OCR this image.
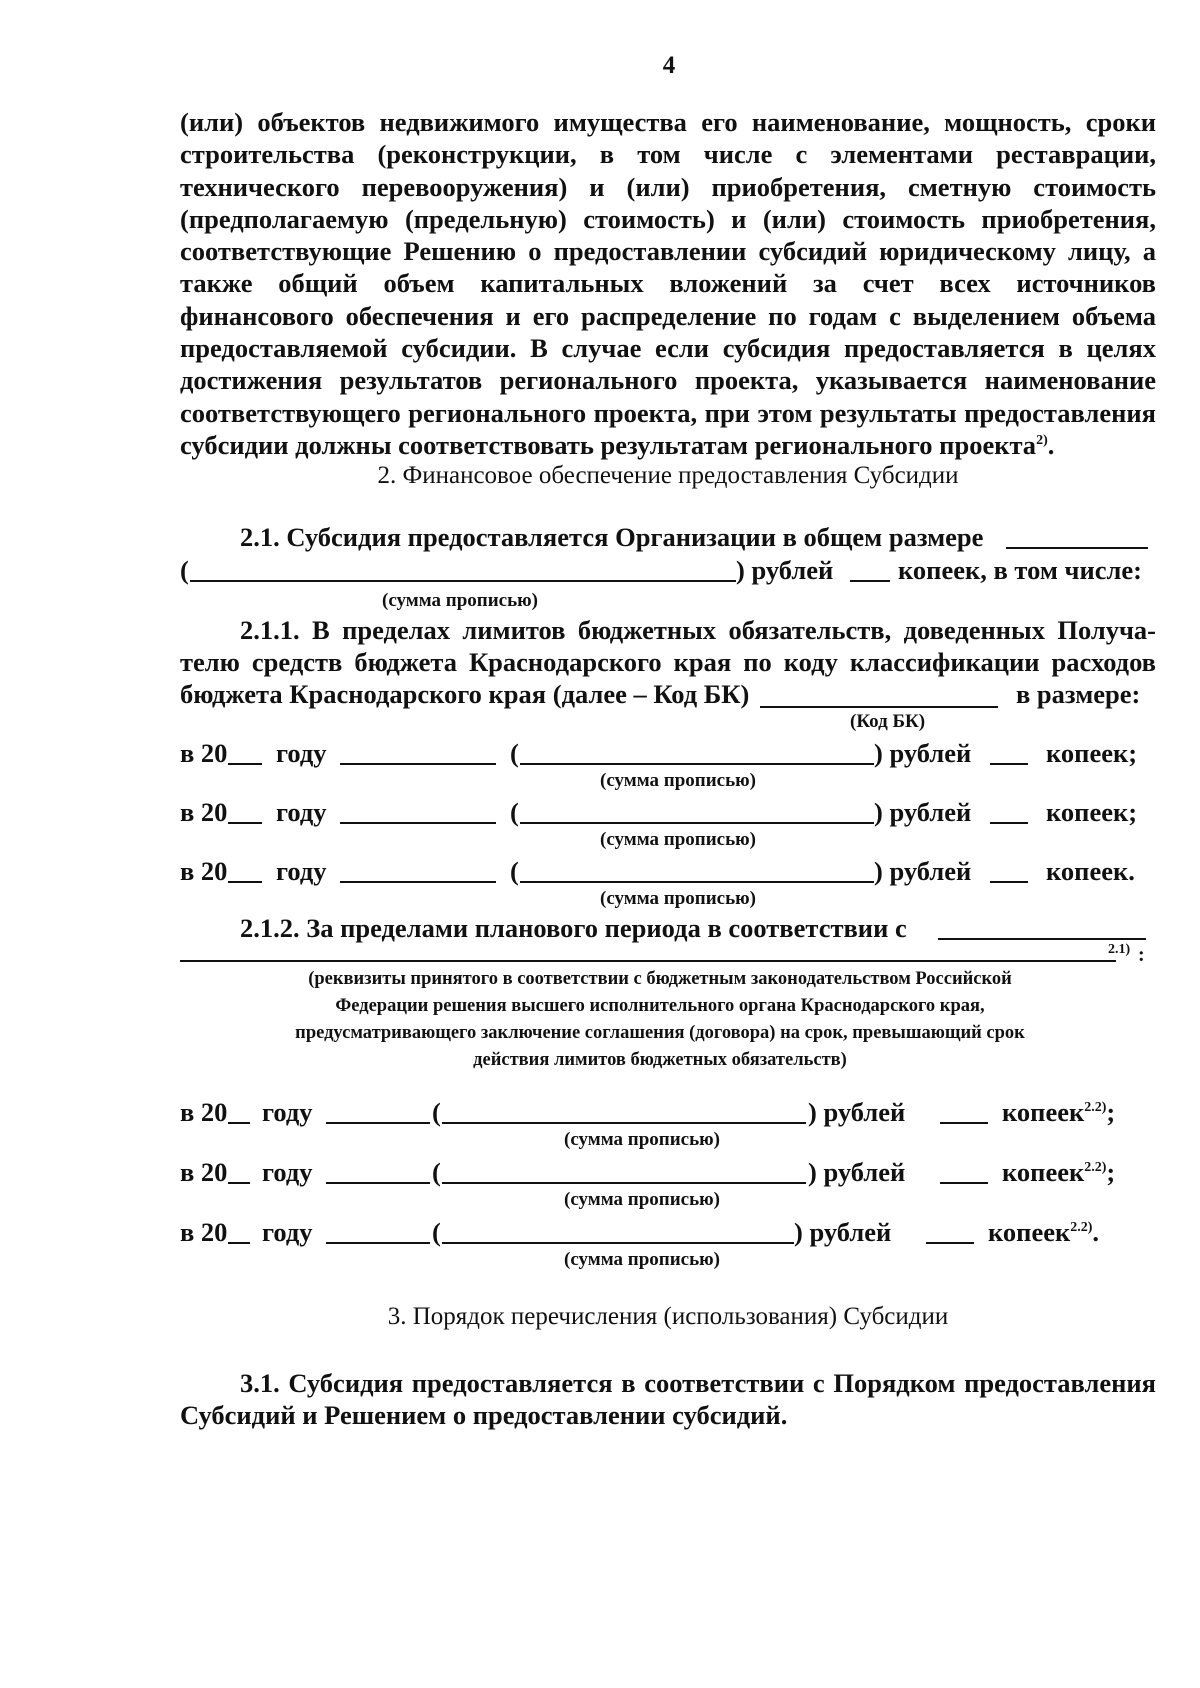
4
(или) объектов недвижимого имущества его наименование, мощность, сроки строительства (реконструкции, в том числе с элементами реставрации, технического перевооружения) и (или) приобретения, сметную стоимость (предполагаемую (предельную) стоимость) и (или) стоимость приобретения, соответствующие Решению о предоставлении субсидий юридическому лицу, а также общий объем капитальных вложений за счет всех источников финансового обеспечения и его распределение по годам с выделением объема предоставляемой субсидии. В случае если субсидия предоставляется в целях достижения результатов регионального проекта, указывается наименование соответствующего регионального проекта, при этом результаты предоставления субсидии должны соответствовать результатам регионального проекта$^{2)}$.
2. Финансовое обеспечение предоставления Субсидии
2.1. Субсидия предоставляется Организации в общем размере
(	) рублей копеек, в том числе:
(сумма прописью)
2.1.1. В пределах лимитов бюджетных обязательств, доведенных Получа-
телю средств бюджета Краснодарского края по коду классификации расходов
бюджета Краснодарского края (далее – Код БК)	в размере:
(Код БК)
в 20 году	(	) рублей	копеек;
(сумма прописью)
в 20 году	(	) рублей	копеек;
(сумма прописью)
в 20 году	(	) рублей	копеек.
(сумма прописью)
2.1.2. За пределами планового периода в соответствии с
2.1) :
(реквизиты принятого в соответствии с бюджетным законодательством Российской Федерации решения высшего исполнительного органа Краснодарского края, предусматривающего заключение соглашения (договора) на срок, превышающий срок действия лимитов бюджетных обязательств)
в 20 году	(	) рублей	копеек$^{2.2)}$;
(сумма прописью)
в 20 году	(	) рублей	копеек$^{2.2)}$;
(сумма прописью)
в 20 году	(	) рублей	копеек$^{2.2)}$.
(сумма прописью)
3. Порядок перечисления (использования) Субсидии
3.1. Субсидия предоставляется в соответствии с Порядком предоставления Субсидий и Решением о предоставлении субсидий.
